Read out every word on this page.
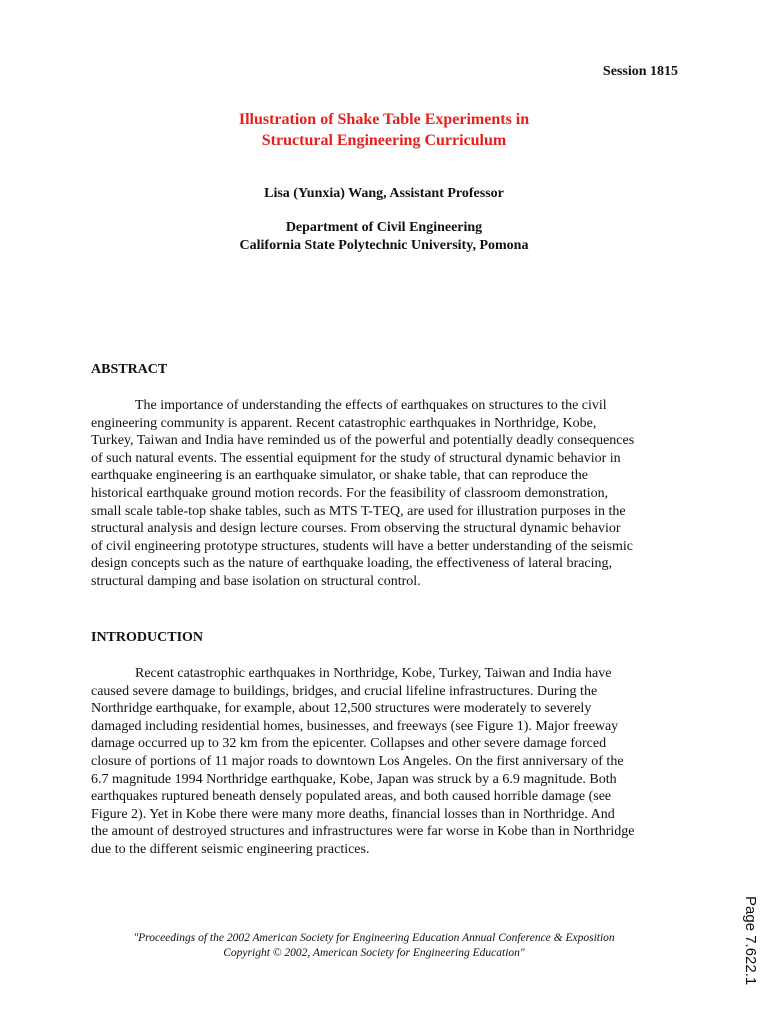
Session 1815
Illustration of Shake Table Experiments in
Structural Engineering Curriculum
Lisa (Yunxia) Wang, Assistant Professor
Department of Civil Engineering
California State Polytechnic University, Pomona
ABSTRACT
The importance of understanding the effects of earthquakes on structures to the civil
engineering community is apparent. Recent catastrophic earthquakes in Northridge, Kobe,
Turkey, Taiwan and India have reminded us of the powerful and potentially deadly consequences
of such natural events. The essential equipment for the study of structural dynamic behavior in
earthquake engineering is an earthquake simulator, or shake table, that can reproduce the
historical earthquake ground motion records. For the feasibility of classroom demonstration,
small scale table-top shake tables, such as MTS T-TEQ, are used for illustration purposes in the
structural analysis and design lecture courses. From observing the structural dynamic behavior
of civil engineering prototype structures, students will have a better understanding of the seismic
design concepts such as the nature of earthquake loading, the effectiveness of lateral bracing,
structural damping and base isolation on structural control.
INTRODUCTION
Recent catastrophic earthquakes in Northridge, Kobe, Turkey, Taiwan and India have
caused severe damage to buildings, bridges, and crucial lifeline infrastructures. During the
Northridge earthquake, for example, about 12,500 structures were moderately to severely
damaged including residential homes, businesses, and freeways (see Figure 1). Major freeway
damage occurred up to 32 km from the epicenter. Collapses and other severe damage forced
closure of portions of 11 major roads to downtown Los Angeles. On the first anniversary of the
6.7 magnitude 1994 Northridge earthquake, Kobe, Japan was struck by a 6.9 magnitude. Both
earthquakes ruptured beneath densely populated areas, and both caused horrible damage (see
Figure 2). Yet in Kobe there were many more deaths, financial losses than in Northridge. And
the amount of destroyed structures and infrastructures were far worse in Kobe than in Northridge
due to the different seismic engineering practices.
"Proceedings of the 2002 American Society for Engineering Education Annual Conference & Exposition
Copyright © 2002, American Society for Engineering Education"	Page 7.622.1
